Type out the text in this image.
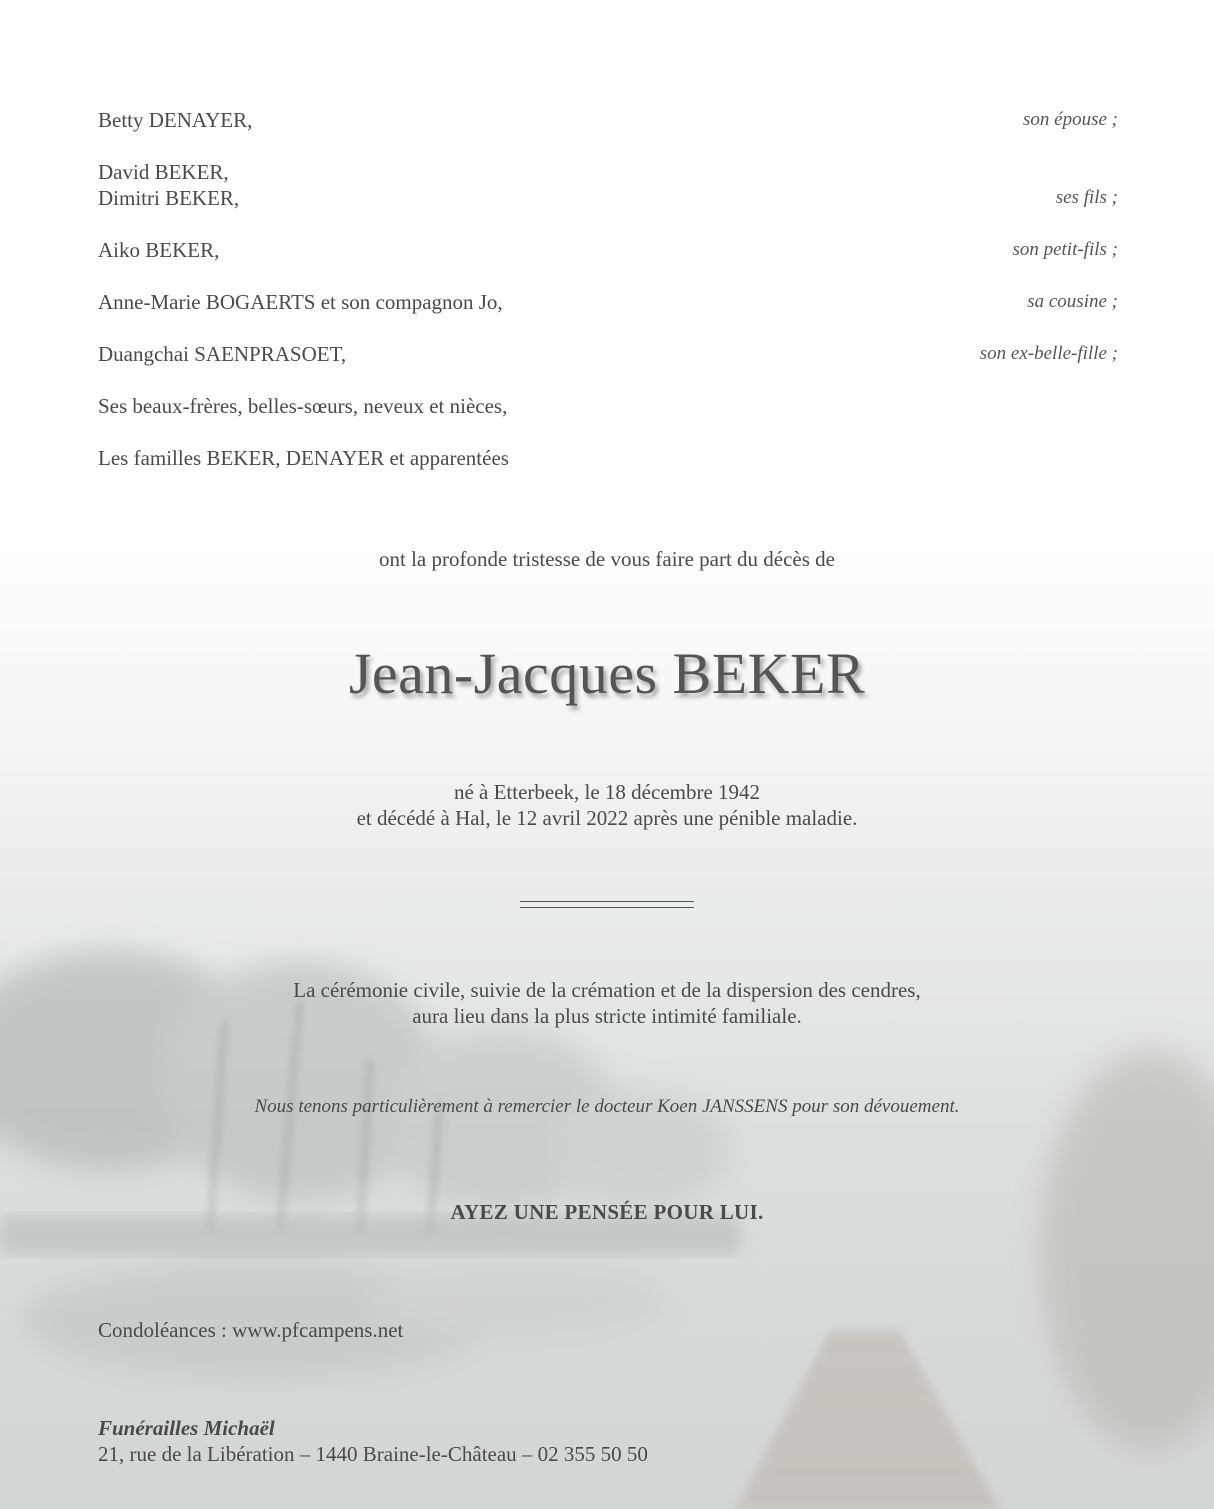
Betty DENAYER,	son épouse ;
David BEKER,
Dimitri BEKER,	ses fils ;
Aiko BEKER,	son petit-fils ;
Anne-Marie BOGAERTS et son compagnon Jo,	sa cousine ;
Duangchai SAENPRASOET,	son ex-belle-fille ;
Ses beaux-frères, belles-sœurs, neveux et nièces,
Les familles BEKER, DENAYER et apparentées
ont la profonde tristesse de vous faire part du décès de
Jean-Jacques BEKER
né à Etterbeek, le 18 décembre 1942
et décédé à Hal, le 12 avril 2022 après une pénible maladie.
La cérémonie civile, suivie de la crémation et de la dispersion des cendres,
aura lieu dans la plus stricte intimité familiale.
Nous tenons particulièrement à remercier le docteur Koen JANSSENS pour son dévouement.
AYEZ UNE PENSÉE POUR LUI.
Condoléances : www.pfcampens.net
Funérailles Michaël
21, rue de la Libération – 1440 Braine-le-Château – 02 355 50 50
